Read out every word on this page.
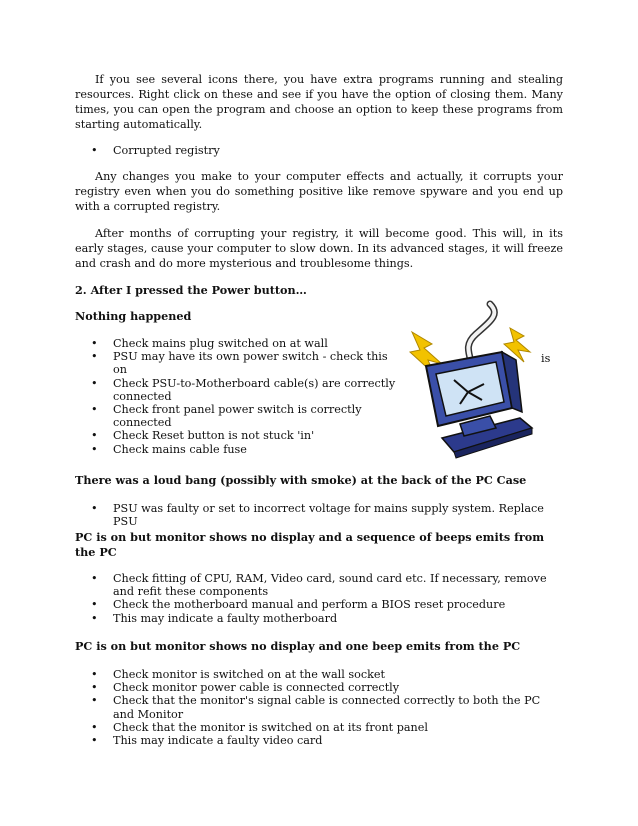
If you see several icons there, you have extra programs running and stealing resources. Right click on these and see if you have the option of closing them. Many times, you can open the program and choose an option to keep these programs from starting automatically.

• Corrupted registry

Any changes you make to your computer effects and actually, it corrupts your registry even when you do something positive like remove spyware and you end up with a corrupted registry.

After months of corrupting your registry, it will become good. This will, in its early stages, cause your computer to slow down. In its advanced stages, it will freeze and crash and do more mysterious and troublesome things.

2. After I pressed the Power button…

Nothing happened

• Check mains plug switched on at wall
• PSU may have its own power switch - check this
on
• Check PSU-to-Motherboard cable(s) are correctly connected
• Check front panel power switch is correctly connected
• Check Reset button is not stuck 'in'
• Check mains cable fuse
is

There was a loud bang (possibly with smoke) at the back of the PC Case

• PSU was faulty or set to incorrect voltage for mains supply system. Replace PSU

PC is on but monitor shows no display and a sequence of beeps emits from the PC

• Check fitting of CPU, RAM, Video card, sound card etc. If necessary, remove and refit these components
• Check the motherboard manual and perform a BIOS reset procedure
• This may indicate a faulty motherboard

PC is on but monitor shows no display and one beep emits from the PC

• Check monitor is switched on at the wall socket
• Check monitor power cable is connected correctly
• Check that the monitor's signal cable is connected correctly to both the PC and Monitor
• Check that the monitor is switched on at its front panel
• This may indicate a faulty video card
